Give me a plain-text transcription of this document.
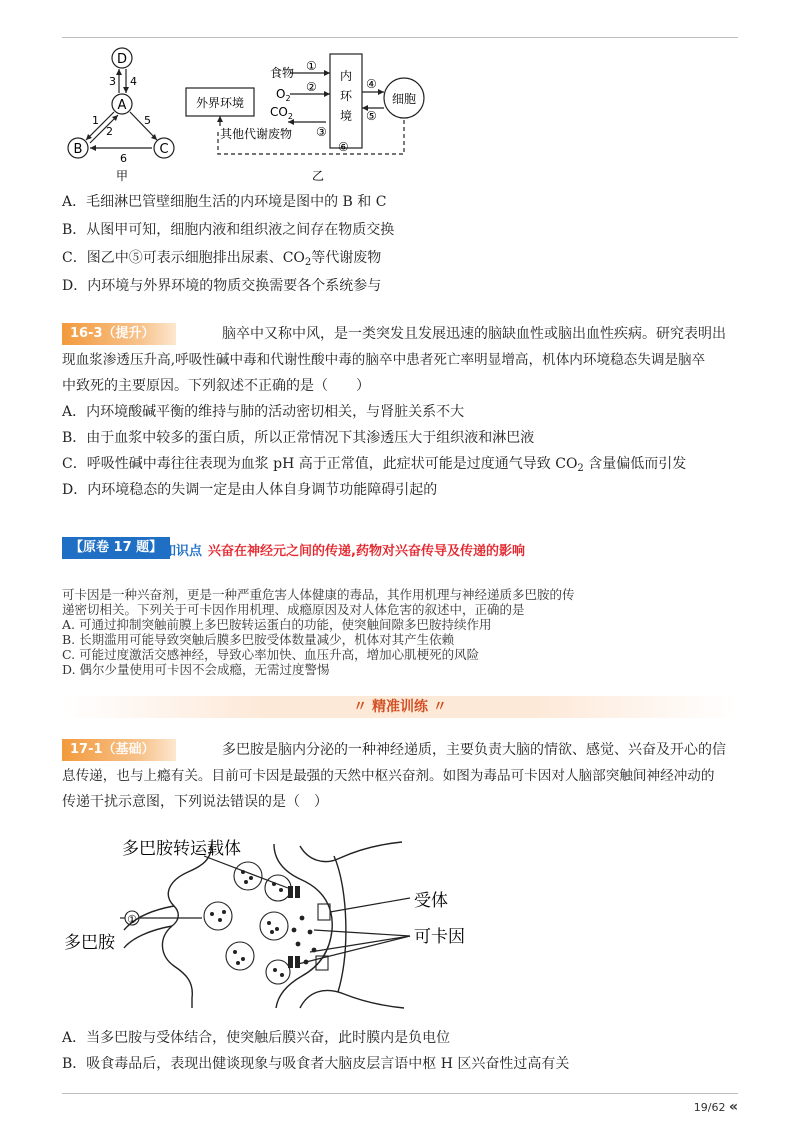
D
A
B	C
3 4
1
2
5
6
甲
外界环境
内
环
境
细胞
食物
$O_2$
$CO_2$
其他代谢废物
①
②
③
④
⑤
⑥
乙
A．毛细淋巴管壁细胞生活的内环境是图中的 B 和 C
B．从图甲可知，细胞内液和组织液之间存在物质交换
C．图乙中⑤可表示细胞排出尿素、$CO_2$等代谢废物
D．内环境与外界环境的物质交换需要各个系统参与
16-3（提升）	脑卒中又称中风，是一类突发且发展迅速的脑缺血性或脑出血性疾病。研究表明出
现血浆渗透压升高,呼吸性碱中毒和代谢性酸中毒的脑卒中患者死亡率明显增高，机体内环境稳态失调是脑卒
中致死的主要原因。下列叙述不正确的是（　　）
A．内环境酸碱平衡的维持与肺的活动密切相关，与肾脏关系不大
B．由于血浆中较多的蛋白质，所以正常情况下其渗透压大于组织液和淋巴液
C．呼吸性碱中毒往往表现为血浆 pH 高于正常值，此症状可能是过度通气导致 $CO_2$ 含量偏低而引发
D．内环境稳态的失调一定是由人体自身调节功能障碍引起的
【原卷 17 题】 知识点 兴奋在神经元之间的传递,药物对兴奋传导及传递的影响
可卡因是一种兴奋剂，更是一种严重危害人体健康的毒品，其作用机理与神经递质多巴胺的传
递密切相关。下列关于可卡因作用机理、成瘾原因及对人体危害的叙述中，正确的是
A. 可通过抑制突触前膜上多巴胺转运蛋白的功能，使突触间隙多巴胺持续作用
B. 长期滥用可能导致突触后膜多巴胺受体数量减少，机体对其产生依赖
C. 可能过度激活交感神经，导致心率加快、血压升高，增加心肌梗死的风险
D. 偶尔少量使用可卡因不会成瘾，无需过度警惕
〃 精准训练 〃
17-1（基础）	多巴胺是脑内分泌的一种神经递质，主要负责大脑的情欲、感觉、兴奋及开心的信
息传递，也与上瘾有关。目前可卡因是最强的天然中枢兴奋剂。如图为毒品可卡因对人脑部突触间神经冲动的
传递干扰示意图，下列说法错误的是（　）
多巴胺转运载体
受体
多巴胺	可卡因
①
A．当多巴胺与受体结合，使突触后膜兴奋，此时膜内是负电位
B．吸食毒品后，表现出健谈现象与吸食者大脑皮层言语中枢 H 区兴奋性过高有关
19/62 «
